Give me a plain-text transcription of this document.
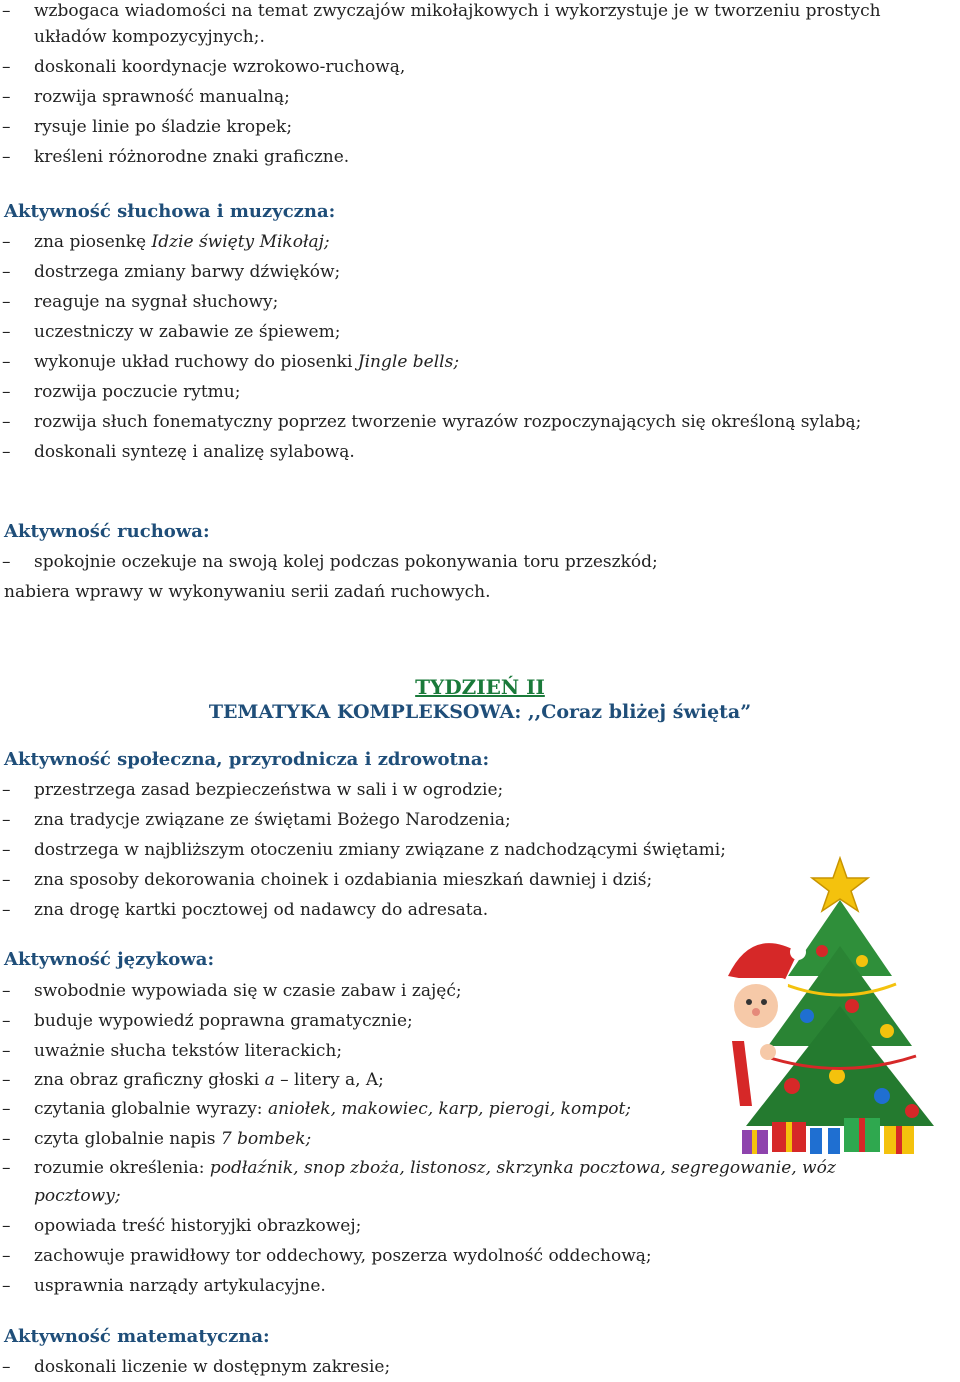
– wzbogaca wiadomości na temat zwyczajów mikołajkowych i wykorzystuje je w tworzeniu prostych
układów kompozycyjnych;.
– doskonali koordynacje wzrokowo-ruchową,
– rozwija sprawność manualną;
– rysuje linie po śladzie kropek;
– kreśleni różnorodne znaki graficzne.
Aktywność słuchowa i muzyczna:
– zna piosenkę Idzie święty Mikołaj;
– dostrzega zmiany barwy dźwięków;
– reaguje na sygnał słuchowy;
– uczestniczy w zabawie ze śpiewem;
– wykonuje układ ruchowy do piosenki Jingle bells;
– rozwija poczucie rytmu;
– rozwija słuch fonematyczny poprzez tworzenie wyrazów rozpoczynających się określoną sylabą;
– doskonali syntezę i analizę sylabową.
Aktywność ruchowa:
– spokojnie oczekuje na swoją kolej podczas pokonywania toru przeszkód;
nabiera wprawy w wykonywaniu serii zadań ruchowych.
TYDZIEŃ II
TEMATYKA KOMPLEKSOWA: ,,Coraz bliżej święta”
Aktywność społeczna, przyrodnicza i zdrowotna:
– przestrzega zasad bezpieczeństwa w sali i w ogrodzie;
– zna tradycje związane ze świętami Bożego Narodzenia;
– dostrzega w najbliższym otoczeniu zmiany związane z nadchodzącymi świętami;
– zna sposoby dekorowania choinek i ozdabiania mieszkań dawniej i dziś;
– zna drogę kartki pocztowej od nadawcy do adresata.
Aktywność językowa:
– swobodnie wypowiada się w czasie zabaw i zajęć;
– buduje wypowiedź poprawna gramatycznie;
– uważnie słucha tekstów literackich;
– zna obraz graficzny głoski a – litery a, A;
– czytania globalnie wyrazy: aniołek, makowiec, karp, pierogi, kompot;
– czyta globalnie napis 7 bombek;
– rozumie określenia: podłaźnik, snop zboża, listonosz, skrzynka pocztowa, segregowanie, wóz
pocztowy;
– opowiada treść historyjki obrazkowej;
– zachowuje prawidłowy tor oddechowy, poszerza wydolność oddechową;
– usprawnia narządy artykulacyjne.
Aktywność matematyczna:
– doskonali liczenie w dostępnym zakresie;
